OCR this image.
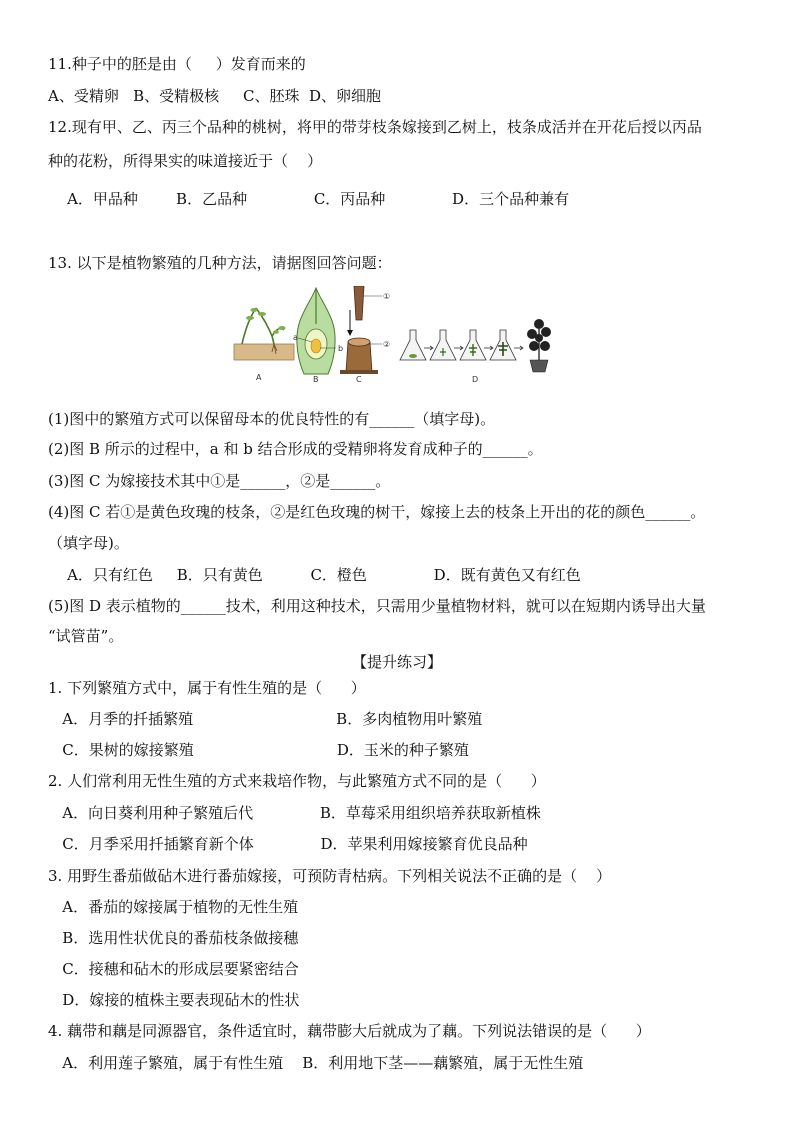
11.种子中的胚是由（     ）发育而来的
A、受精卵   B、受精极核     C、胚珠  D、卵细胞
12.现有甲、乙、丙三个品种的桃树，将甲的带芽枝条嫁接到乙树上，枝条成活并在开花后授以丙品
种的花粉，所得果实的味道接近于（    ）
A．甲品种        B．乙品种              C．丙品种              D．三个品种兼有
13. 以下是植物繁殖的几种方法，请据图回答问题：
A
a
b
B
①
②
C	D
(1)图中的繁殖方式可以保留母本的优良特性的有______（填字母)。
(2)图 B 所示的过程中，a 和 b 结合形成的受精卵将发育成种子的______。
(3)图 C 为嫁接技术其中①是______，②是______。
(4)图 C 若①是黄色玫瑰的枝条，②是红色玫瑰的树干，嫁接上去的枝条上开出的花的颜色______。
（填字母)。
A．只有红色     B．只有黄色          C．橙色              D．既有黄色又有红色
(5)图 D 表示植物的______技术，利用这种技术，只需用少量植物材料，就可以在短期内诱导出大量
“试管苗”。
【提升练习】
1. 下列繁殖方式中，属于有性生殖的是（      ）
A．月季的扦插繁殖                              B．多肉植物用叶繁殖
C．果树的嫁接繁殖                              D．玉米的种子繁殖
2. 人们常利用无性生殖的方式来栽培作物，与此繁殖方式不同的是（      ）
A．向日葵利用种子繁殖后代              B．草莓采用组织培养获取新植株
C．月季采用扦插繁育新个体              D．苹果利用嫁接繁育优良品种
3. 用野生番茄做砧木进行番茄嫁接，可预防青枯病。下列相关说法不正确的是（    ）
A．番茄的嫁接属于植物的无性生殖
B．选用性状优良的番茄枝条做接穗
C．接穗和砧木的形成层要紧密结合
D．嫁接的植株主要表现砧木的性状
4. 藕带和藕是同源器官，条件适宜时，藕带膨大后就成为了藕。下列说法错误的是（      ）
A．利用莲子繁殖，属于有性生殖    B．利用地下茎——藕繁殖，属于无性生殖
